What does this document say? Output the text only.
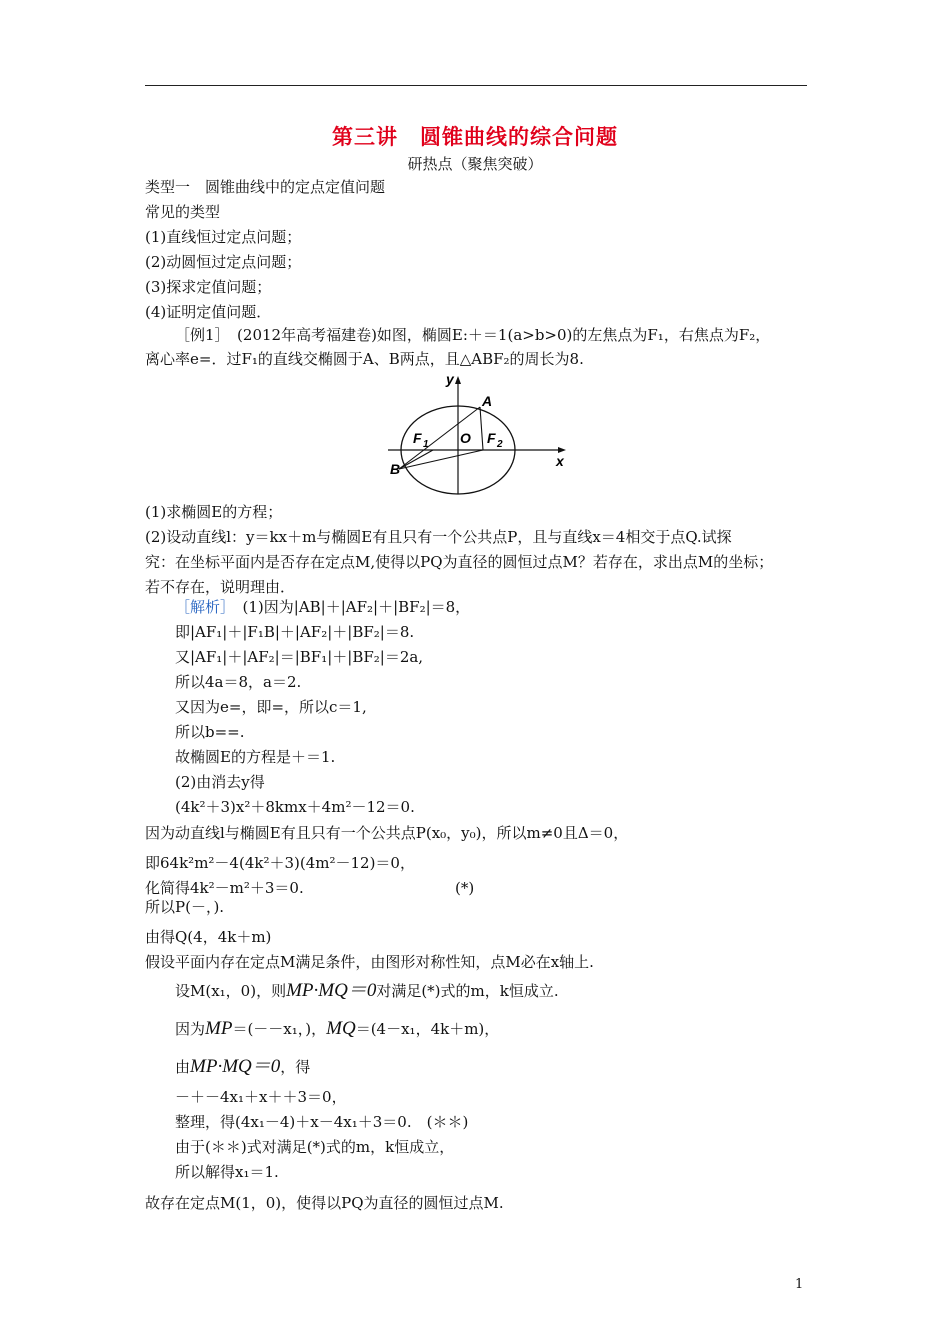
第三讲　圆锥曲线的综合问题
研热点（聚焦突破）
类型一　圆锥曲线中的定点定值问题
常见的类型
(1)直线恒过定点问题；
(2)动圆恒过定点问题；
(3)探求定值问题；
(4)证明定值问题．
［例1］　(2012年高考福建卷)如图，椭圆E:＋＝1(a>b>0)的左焦点为F₁，右焦点为F₂，
离心率e=．过F₁的直线交椭圆于A、B两点，且△ABF₂的周长为8.
y
x
A
B
O
F 1	F 2
(1)求椭圆E的方程；
(2)设动直线l：y＝kx＋m与椭圆E有且只有一个公共点P，且与直线x＝4相交于点Q.试探
究：在坐标平面内是否存在定点M,使得以PQ为直径的圆恒过点M？若存在，求出点M的坐标；
若不存在，说明理由．
［解析］　(1)因为|AB|＋|AF₂|＋|BF₂|＝8，
即|AF₁|＋|F₁B|＋|AF₂|＋|BF₂|＝8.
又|AF₁|＋|AF₂|＝|BF₁|＋|BF₂|＝2a,
所以4a＝8，a＝2.
又因为e=，即=，所以c＝1,
所以b==.
故椭圆E的方程是＋＝1.
(2)由消去y得
(4k²＋3)x²＋8kmx＋4m²－12＝0.
因为动直线l与椭圆E有且只有一个公共点P(x₀，y₀)，所以m≠0且Δ＝0，
即64k²m²－4(4k²＋3)(4m²－12)＝0，
化简得4k²－m²＋3＝0.	(*)
所以P(－，).
由得Q(4，4k＋m)
假设平面内存在定点M满足条件，由图形对称性知，点M必在x轴上.
设M(x₁，0)，则MP·MQ＝0对满足(*)式的m，k恒成立.
因为MP＝(－－x₁，)，MQ＝(4－x₁，4k＋m)，
由MP·MQ＝0，得
－＋－4x₁＋x＋＋3＝0，
整理，得(4x₁－4)＋x－4x₁＋3＝0.　(＊＊)
由于(＊＊)式对满足(*)式的m，k恒成立，
所以解得x₁＝1.
故存在定点M(1，0)，使得以PQ为直径的圆恒过点M.
1
